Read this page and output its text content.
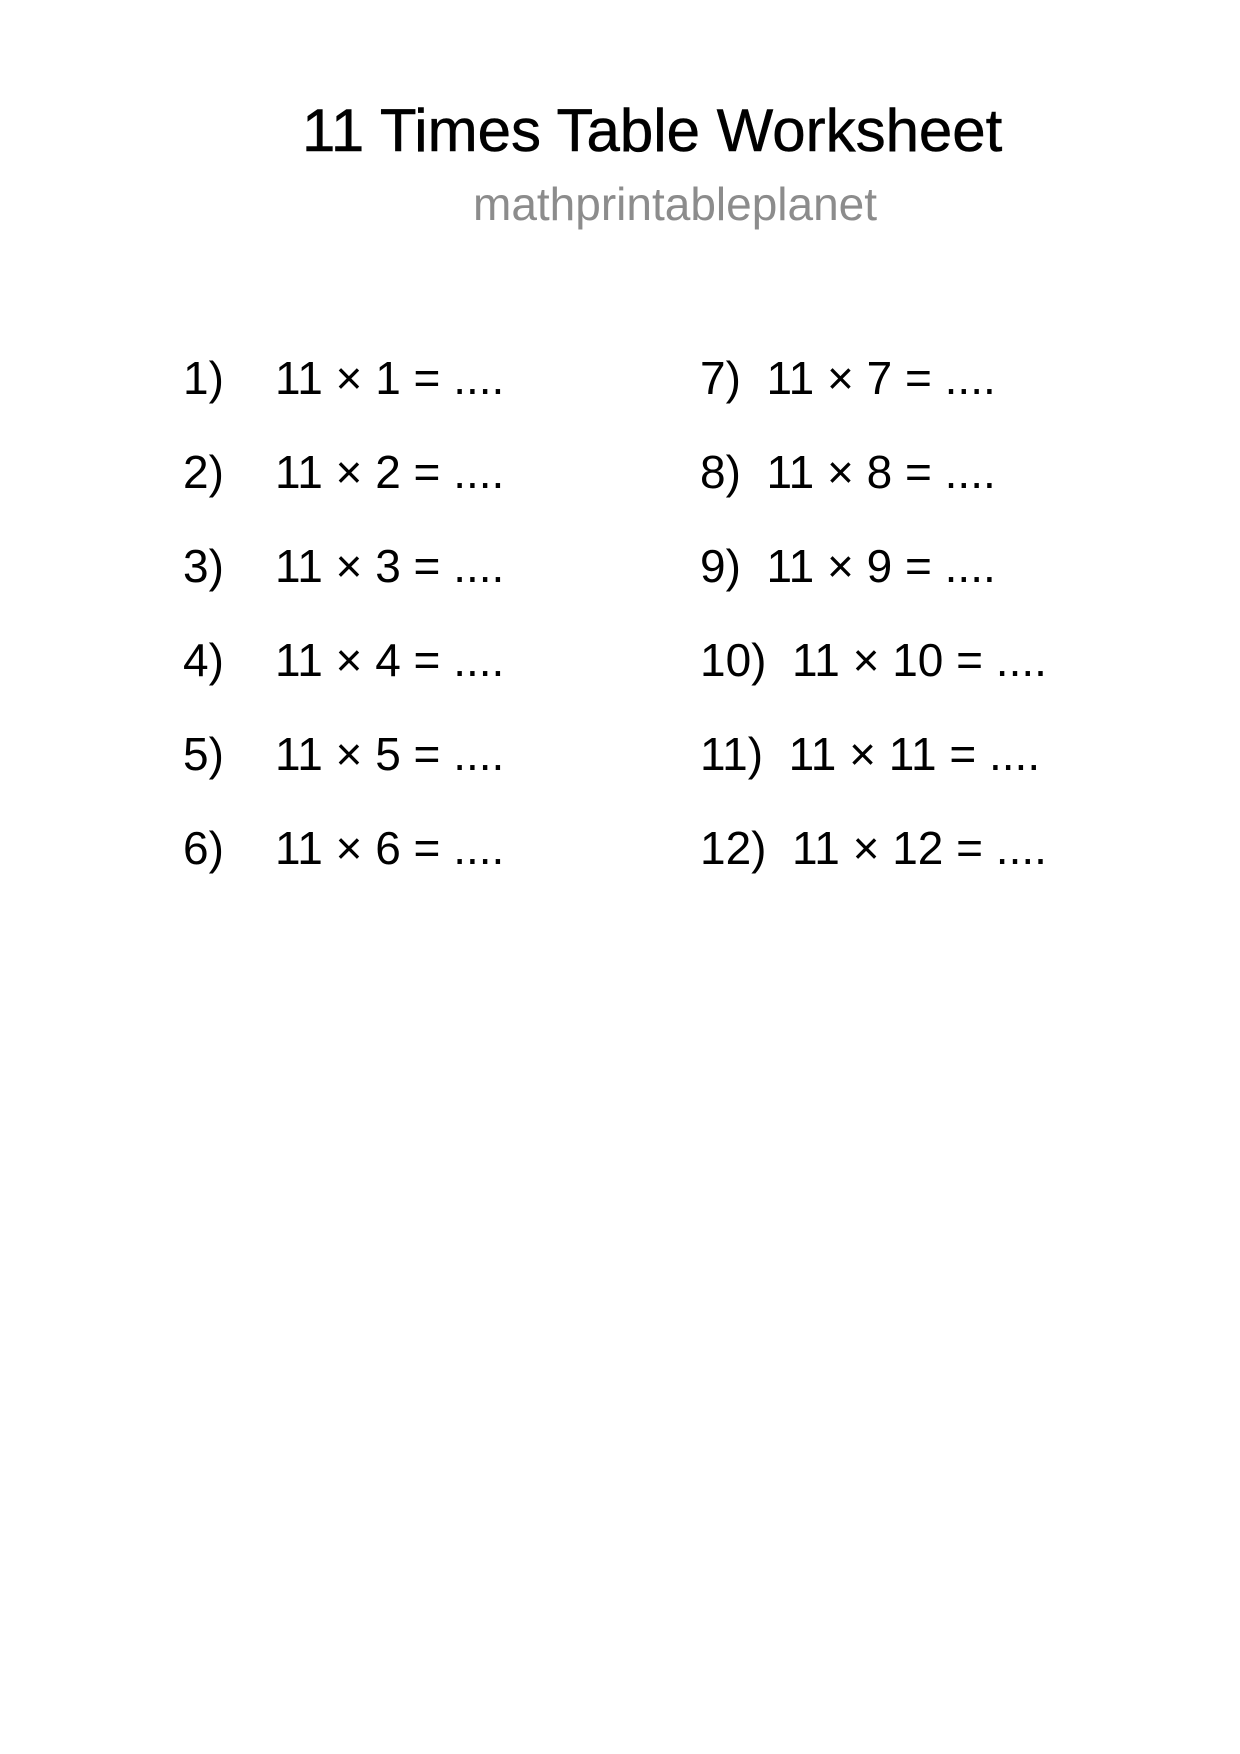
11 Times Table Worksheet
mathprintableplanet
1)    11 × 1 = ....
2)    11 × 2 = ....
3)    11 × 3 = ....
4)    11 × 4 = ....
5)    11 × 5 = ....
6)    11 × 6 = ....
7)  11 × 7 = ....
8)  11 × 8 = ....
9)  11 × 9 = ....
10)  11 × 10 = ....
11)  11 × 11 = ....
12)  11 × 12 = ....
